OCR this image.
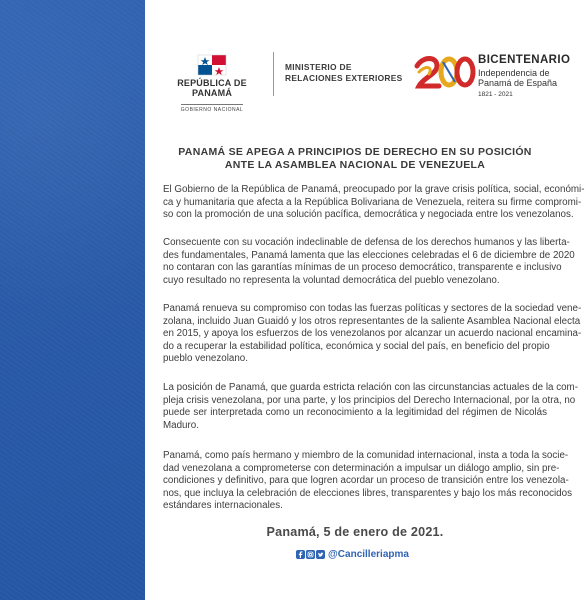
REPÚBLICA DE PANAMÁ
GOBIERNO NACIONAL
MINISTERIO DE
RELACIONES EXTERIORES
BICENTENARIO
Independencia de
Panamá de España
1821 - 2021
PANAMÁ SE APEGA A PRINCIPIOS DE DERECHO EN SU POSICIÓN
ANTE LA ASAMBLEA NACIONAL DE VENEZUELA
El Gobierno de la República de Panamá, preocupado por la grave crisis política, social, económi-
ca y humanitaria que afecta a la República Bolivariana de Venezuela, reitera su firme compromi-
so con la promoción de una solución pacífica, democrática y negociada entre los venezolanos.
Consecuente con su vocación indeclinable de defensa de los derechos humanos y las liberta-
des fundamentales, Panamá lamenta que las elecciones celebradas el 6 de diciembre de 2020
no contaran con las garantías mínimas de un proceso democrático, transparente e inclusivo
cuyo resultado no representa la voluntad democrática del pueblo venezolano.
Panamá renueva su compromiso con todas las fuerzas políticas y sectores de la sociedad vene-
zolana, incluido Juan Guaidó y los otros representantes de la saliente Asamblea Nacional electa
en 2015, y apoya los esfuerzos de los venezolanos por alcanzar un acuerdo nacional encamina-
do a recuperar la estabilidad política, económica y social del país, en beneficio del propio
pueblo venezolano.
La posición de Panamá, que guarda estricta relación con las circunstancias actuales de la com-
pleja crisis venezolana, por una parte, y los principios del Derecho Internacional, por la otra, no
puede ser interpretada como un reconocimiento a la legitimidad del régimen de Nicolás
Maduro.
Panamá, como país hermano y miembro de la comunidad internacional, insta a toda la socie-
dad venezolana a comprometerse con determinación a impulsar un diálogo amplio, sin pre-
condiciones y definitivo, para que logren acordar un proceso de transición entre los venezola-
nos, que incluya la celebración de elecciones libres, transparentes y bajo los más reconocidos
estándares internacionales.
Panamá, 5 de enero de 2021.
@Cancilleriapma
